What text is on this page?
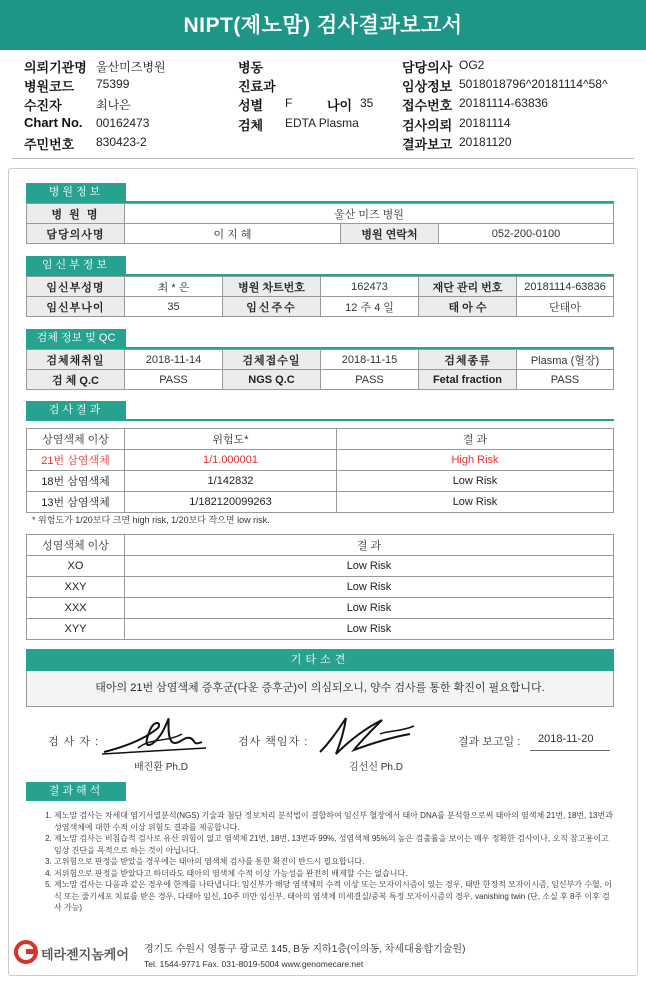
NIPT(제노맘) 검사결과보고서
의뢰기관명 울산미즈병원
병원코드 75399
수진자	최나은
Chart No. 00162473
주민번호 830423-2
병동
진료과
성별 F	나이 35
검체 EDTA Plasma
담당의사 OG2
임상정보 5018018796^20181114^58^
접수번호 20181114-63836
검사의뢰 20181114
결과보고 20181120
병원정보
병 원 명	울산 미즈 병원		
담당의사명	이 지 혜	병원 연락처	052-200-0100
임신부정보
임신부성명	최 * 은	병원 차트번호	162473	재단 관리 번호	20181114-63836
임신부나이	35	임신주수	12 주 4 일	태 아 수	단태아
검체 정보 및 QC
검체채취일	2018-11-14	검체접수일	2018-11-15	검체종류	Plasma (혈장)
검 체 Q.C	PASS	NGS Q.C	PASS	Fetal fraction	PASS
검사결과
상염색체 이상	위험도*	결 과
21번 삼염색체	1/1.000001	High Risk
18번 삼염색체	1/142832	Low Risk
13번 삼염색체	1/182120099263	Low Risk
* 위험도가 1/20보다 크면 high risk, 1/20보다 작으면 low risk.
성염색체 이상	결 과
XO	Low Risk
XXY	Low Risk
XXX	Low Risk
XYY	Low Risk
기타소견
태아의 21번 삼염색체 증후군(다운 증후군)이 의심되오니, 양수 검사를 통한 확진이 필요합니다.
검 사 자 :
배진환 Ph.D
검사 책임자 :
김선신 Ph.D
결과 보고일 : 2018-11-20
결과해석
1. 제노맘 검사는 차세대 염기서열분석(NGS) 기술과 첨단 정보처리 분석법이 결합하여 임신부 혈장에서 태아 DNA를 분석함으로써 태아의 염색체 21번, 18번, 13번과 성염색체에 대한 수적 이상 위험도 결과를 제공합니다.
2. 제노맘 검사는 비침습적 검사로 유산 위험이 없고 염색체 21번, 18번, 13번과 99%, 성염색체 95%의 높은 검출률을 보이는 매우 정확한 검사이나, 오직 참고용이고 임상 진단을 목적으로 하는 것이 아닙니다.
3. 고위험으로 판정을 받았을 경우에는 태아의 염색체 검사를 통한 확진이 반드시 필요합니다.
4. 저위험으로 판정을 받았다고 하더라도 태아의 염색체 수적 이상 가능성을 완전히 배제할 수는 없습니다.
5. 제노맘 검사는 다음과 같은 경우에 한계를 나타냅니다: 임신부가 해당 염색체의 수적 이상 또는 모자이시즘이 있는 경우, 태반 한정적 모자이시즘, 임신부가 수혈, 이식 또는 줄기세포 치료를 받은 경우, 다태아 임신, 10주 미만 임신부, 태아의 염색체 미세결실/중복 특정 모자이시즘의 경우, vanishing twin (단, 소실 후 8주 이후 검사 가능)
테라젠지놈케어 경기도 수원시 영통구 광교로 145, B동 지하1층(이의동, 차세대융합기술원)
Tel. 1544-9771 Fax. 031-8019-5004 www.genomecare.net
